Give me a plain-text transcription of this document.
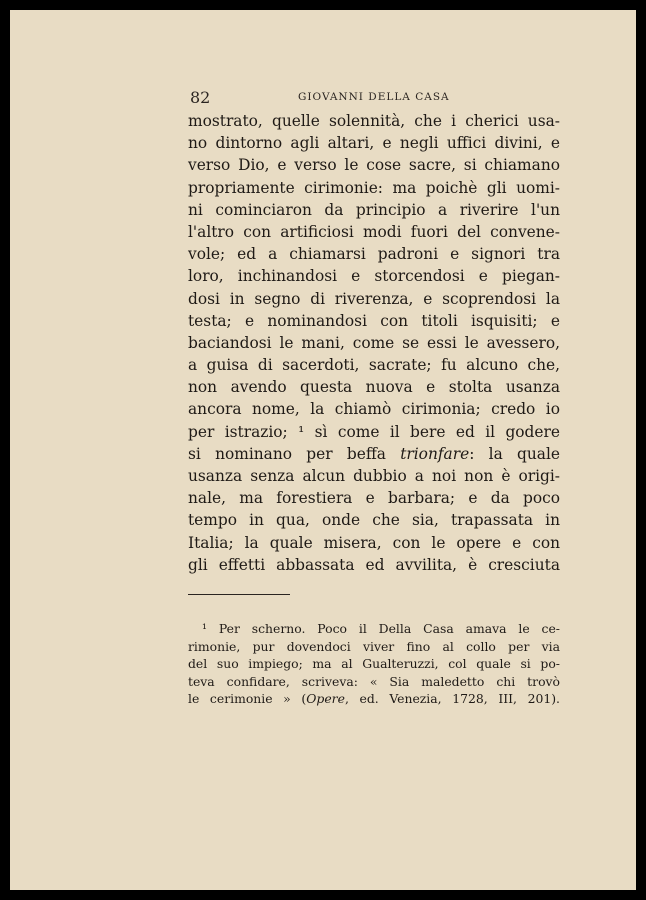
82	GIOVANNI DELLA CASA
mostrato, quelle solennità, che i cherici usa-
no dintorno agli altari, e negli uffici divini, e
verso Dio, e verso le cose sacre, si chiamano
propriamente cirimonie: ma poichè gli uomi-
ni cominciaron da principio a riverire l'un
l'altro con artificiosi modi fuori del convene-
vole; ed a chiamarsi padroni e signori tra
loro, inchinandosi e storcendosi e piegan-
dosi in segno di riverenza, e scoprendosi la
testa; e nominandosi con titoli isquisiti; e
baciandosi le mani, come se essi le avessero,
a guisa di sacerdoti, sacrate; fu alcuno che,
non avendo questa nuova e stolta usanza
ancora nome, la chiamò cirimonia; credo io
per istrazio; ¹ sì come il bere ed il godere
si nominano per beffa trionfare: la quale
usanza senza alcun dubbio a noi non è origi-
nale, ma forestiera e barbara; e da poco
tempo in qua, onde che sia, trapassata in
Italia; la quale misera, con le opere e con
gli effetti abbassata ed avvilita, è cresciuta
¹ Per scherno. Poco il Della Casa amava le ce-
rimonie, pur dovendoci viver fino al collo per via
del suo impiego; ma al Gualteruzzi, col quale si po-
teva confidare, scriveva: « Sia maledetto chi trovò
le cerimonie » (Opere, ed. Venezia, 1728, III, 201).
